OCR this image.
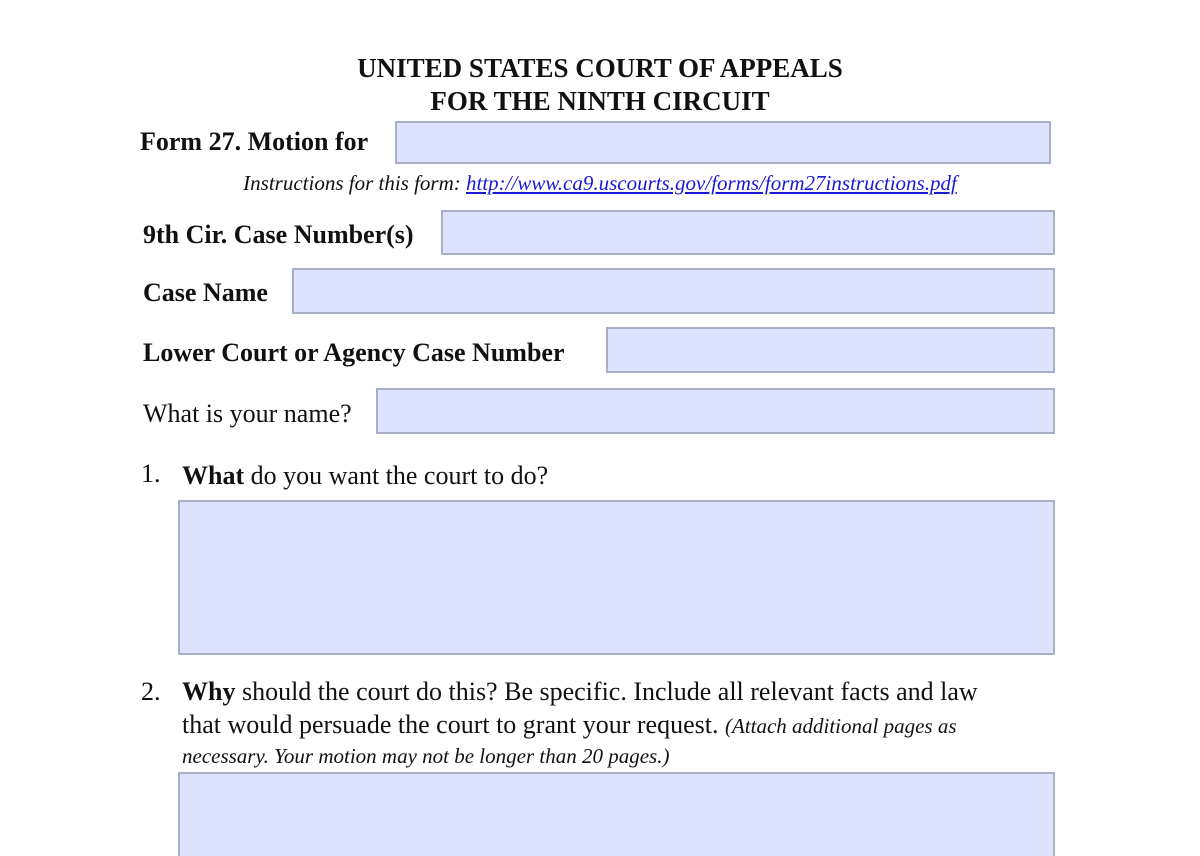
UNITED STATES COURT OF APPEALS
FOR THE NINTH CIRCUIT
Form 27. Motion for
Instructions for this form: http://www.ca9.uscourts.gov/forms/form27instructions.pdf
9th Cir. Case Number(s)
Case Name
Lower Court or Agency Case Number
What is your name?
1. What do you want the court to do?
2. Why should the court do this? Be specific. Include all relevant facts and law
that would persuade the court to grant your request. (Attach additional pages as
necessary. Your motion may not be longer than 20 pages.)
